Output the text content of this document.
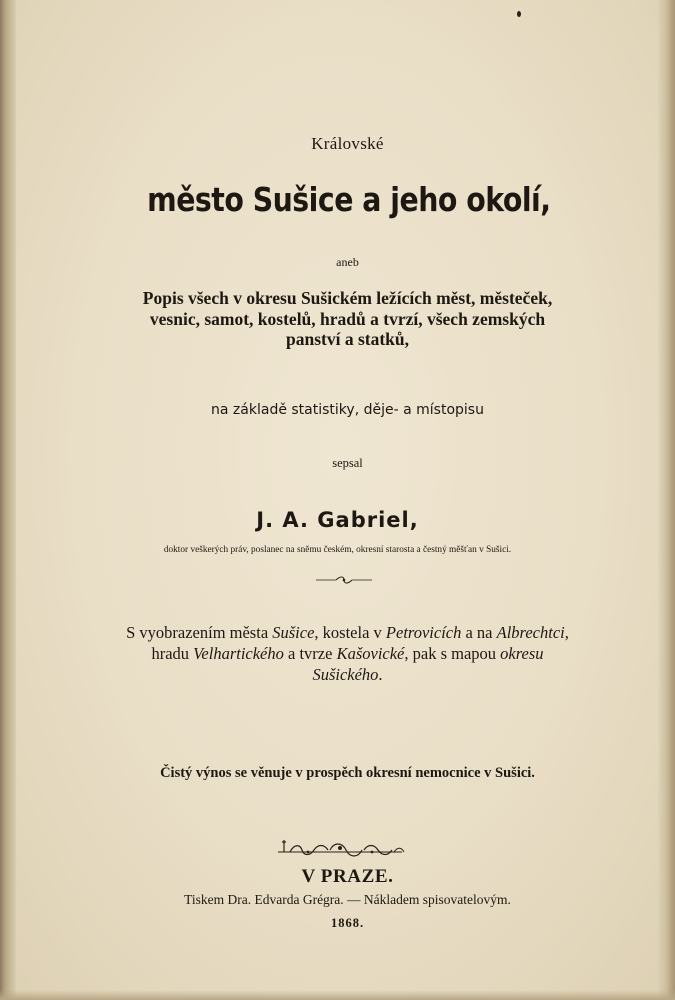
Královské
město Sušice a jeho okolí,
aneb
Popis všech v okresu Sušickém ležících měst, městeček,
vesnic, samot, kostelů, hradů a tvrzí, všech zemských
panství a statků,
na základě statistiky, děje- a místopisu
sepsal
J. A. Gabriel,
doktor veškerých práv, poslanec na sněmu českém, okresní starosta a čestný měšťan v Sušici.
S vyobrazením města Sušice, kostela v Petrovicích a na Albrechtci,
hradu Velhartického a tvrze Kašovické, pak s mapou okresu
Sušického.
Čistý výnos se věnuje v prospěch okresní nemocnice v Sušici.
V PRAZE.
Tiskem Dra. Edvarda Grégra. — Nákladem spisovatelovým.
1868.
